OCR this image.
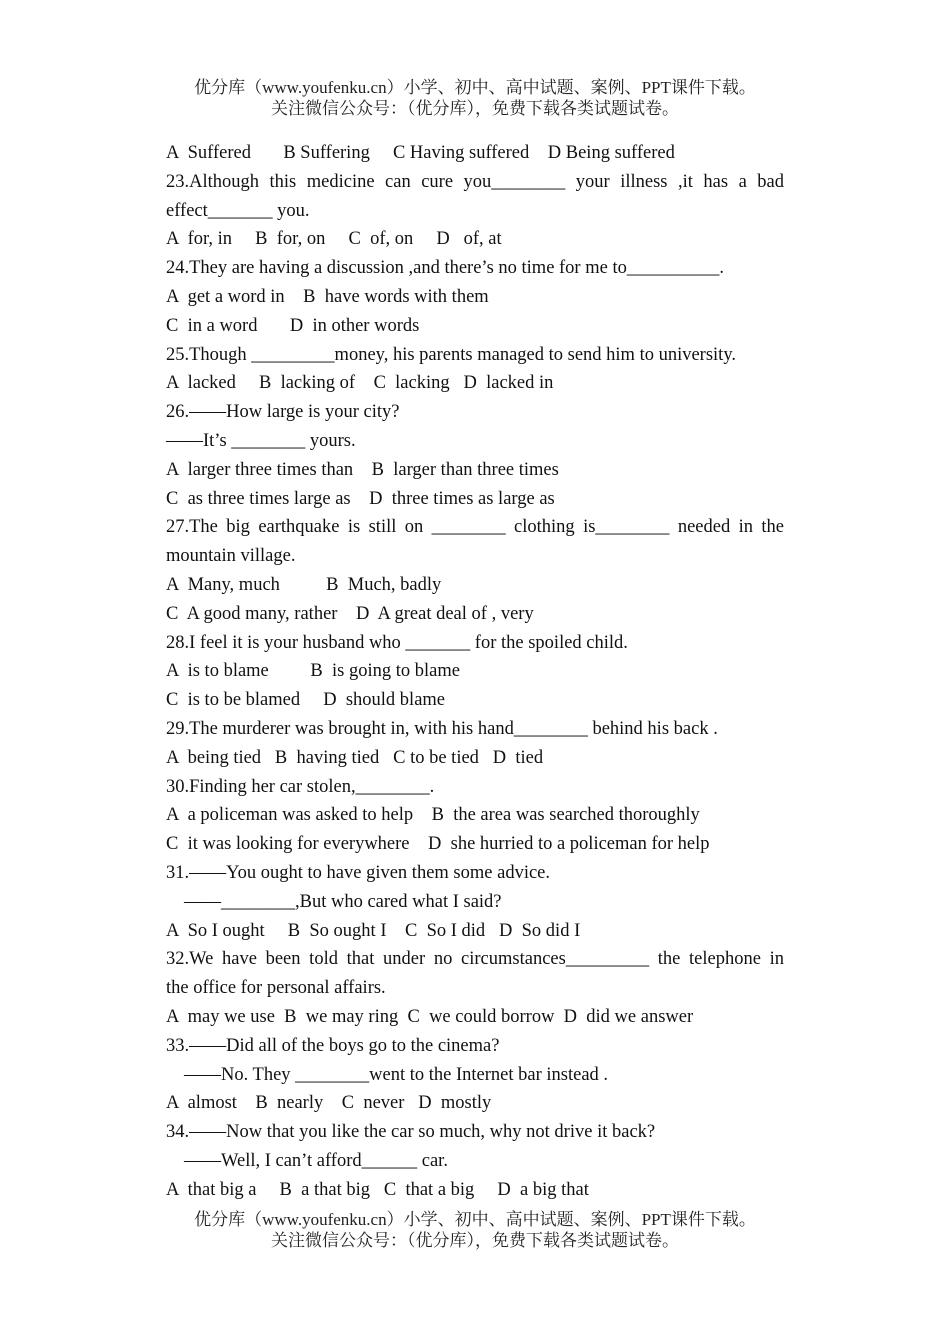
优分库（www.youfenku.cn）小学、初中、高中试题、案例、PPT课件下载。
关注微信公众号：（优分库），免费下载各类试题试卷。
A  Suffered       B Suffering     C Having suffered    D Being suffered
23.Although this medicine can cure you________ your illness ,it has a bad
effect_______ you.
A  for, in     B  for, on     C  of, on     D   of, at
24.They are having a discussion ,and there’s no time for me to__________.
A  get a word in    B  have words with them
C  in a word       D  in other words
25.Though _________money, his parents managed to send him to university.
A  lacked     B  lacking of    C  lacking   D  lacked in
26.——How large is your city?
——It’s ________ yours.
A  larger three times than    B  larger than three times
C  as three times large as    D  three times as large as
27.The big earthquake is still on ________ clothing is________ needed in the
mountain village.
A  Many, much          B  Much, badly
C  A good many, rather    D  A great deal of , very
28.I feel it is your husband who _______ for the spoiled child.
A  is to blame         B  is going to blame
C  is to be blamed     D  should blame
29.The murderer was brought in, with his hand________ behind his back .
A  being tied   B  having tied   C to be tied   D  tied
30.Finding her car stolen,________.
A  a policeman was asked to help    B  the area was searched thoroughly
C  it was looking for everywhere    D  she hurried to a policeman for help
31.——You ought to have given them some advice.
——________,But who cared what I said?
A  So I ought     B  So ought I    C  So I did   D  So did I
32.We have been told that under no circumstances_________ the telephone in
the office for personal affairs.
A  may we use  B  we may ring  C  we could borrow  D  did we answer
33.——Did all of the boys go to the cinema?
——No. They ________went to the Internet bar instead .
A  almost    B  nearly    C  never   D  mostly
34.——Now that you like the car so much, why not drive it back?
——Well, I can’t afford______ car.
A  that big a     B  a that big   C  that a big     D  a big that
优分库（www.youfenku.cn）小学、初中、高中试题、案例、PPT课件下载。
关注微信公众号：（优分库），免费下载各类试题试卷。
